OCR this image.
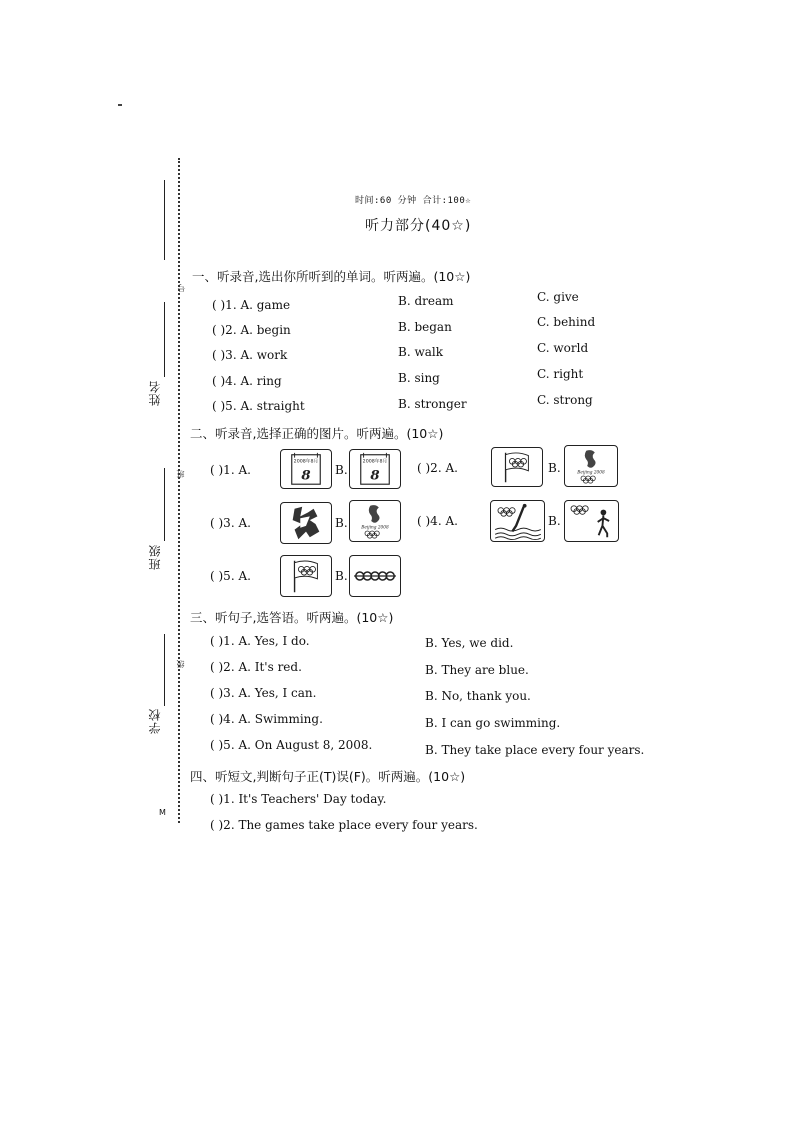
号
姓名
班
班级
级
学校
M
时间:60 分钟 合计:100☆
听力部分(40☆)
一、听录音,选出你所听到的单词。听两遍。(10☆)
( )1. A. game	B. dream	C. give
( )2. A. begin	B. began	C. behind
( )3. A. work	B. walk	C. world
( )4. A. ring	B. sing	C. right
( )5. A. straight	B. stronger	C. strong
二、听录音,选择正确的图片。听两遍。(10☆)
( )1. A.
2008年8月
8 B.
2008年8月
8
( )2. A.	B.	Beijing 2008
( )3. A.	B.	Beijing 2008
( )4. A.	B.
( )5. A.	B.
三、听句子,选答语。听两遍。(10☆)
( )1. A. Yes, I do.	B. Yes, we did.
( )2. A. It's red.	B. They are blue.
( )3. A. Yes, I can.	B. No, thank you.
( )4. A. Swimming.	B. I can go swimming.
( )5. A. On August 8, 2008.	B. They take place every four years.
四、听短文,判断句子正(T)误(F)。听两遍。(10☆)
( )1. It's Teachers' Day today.
( )2. The games take place every four years.
